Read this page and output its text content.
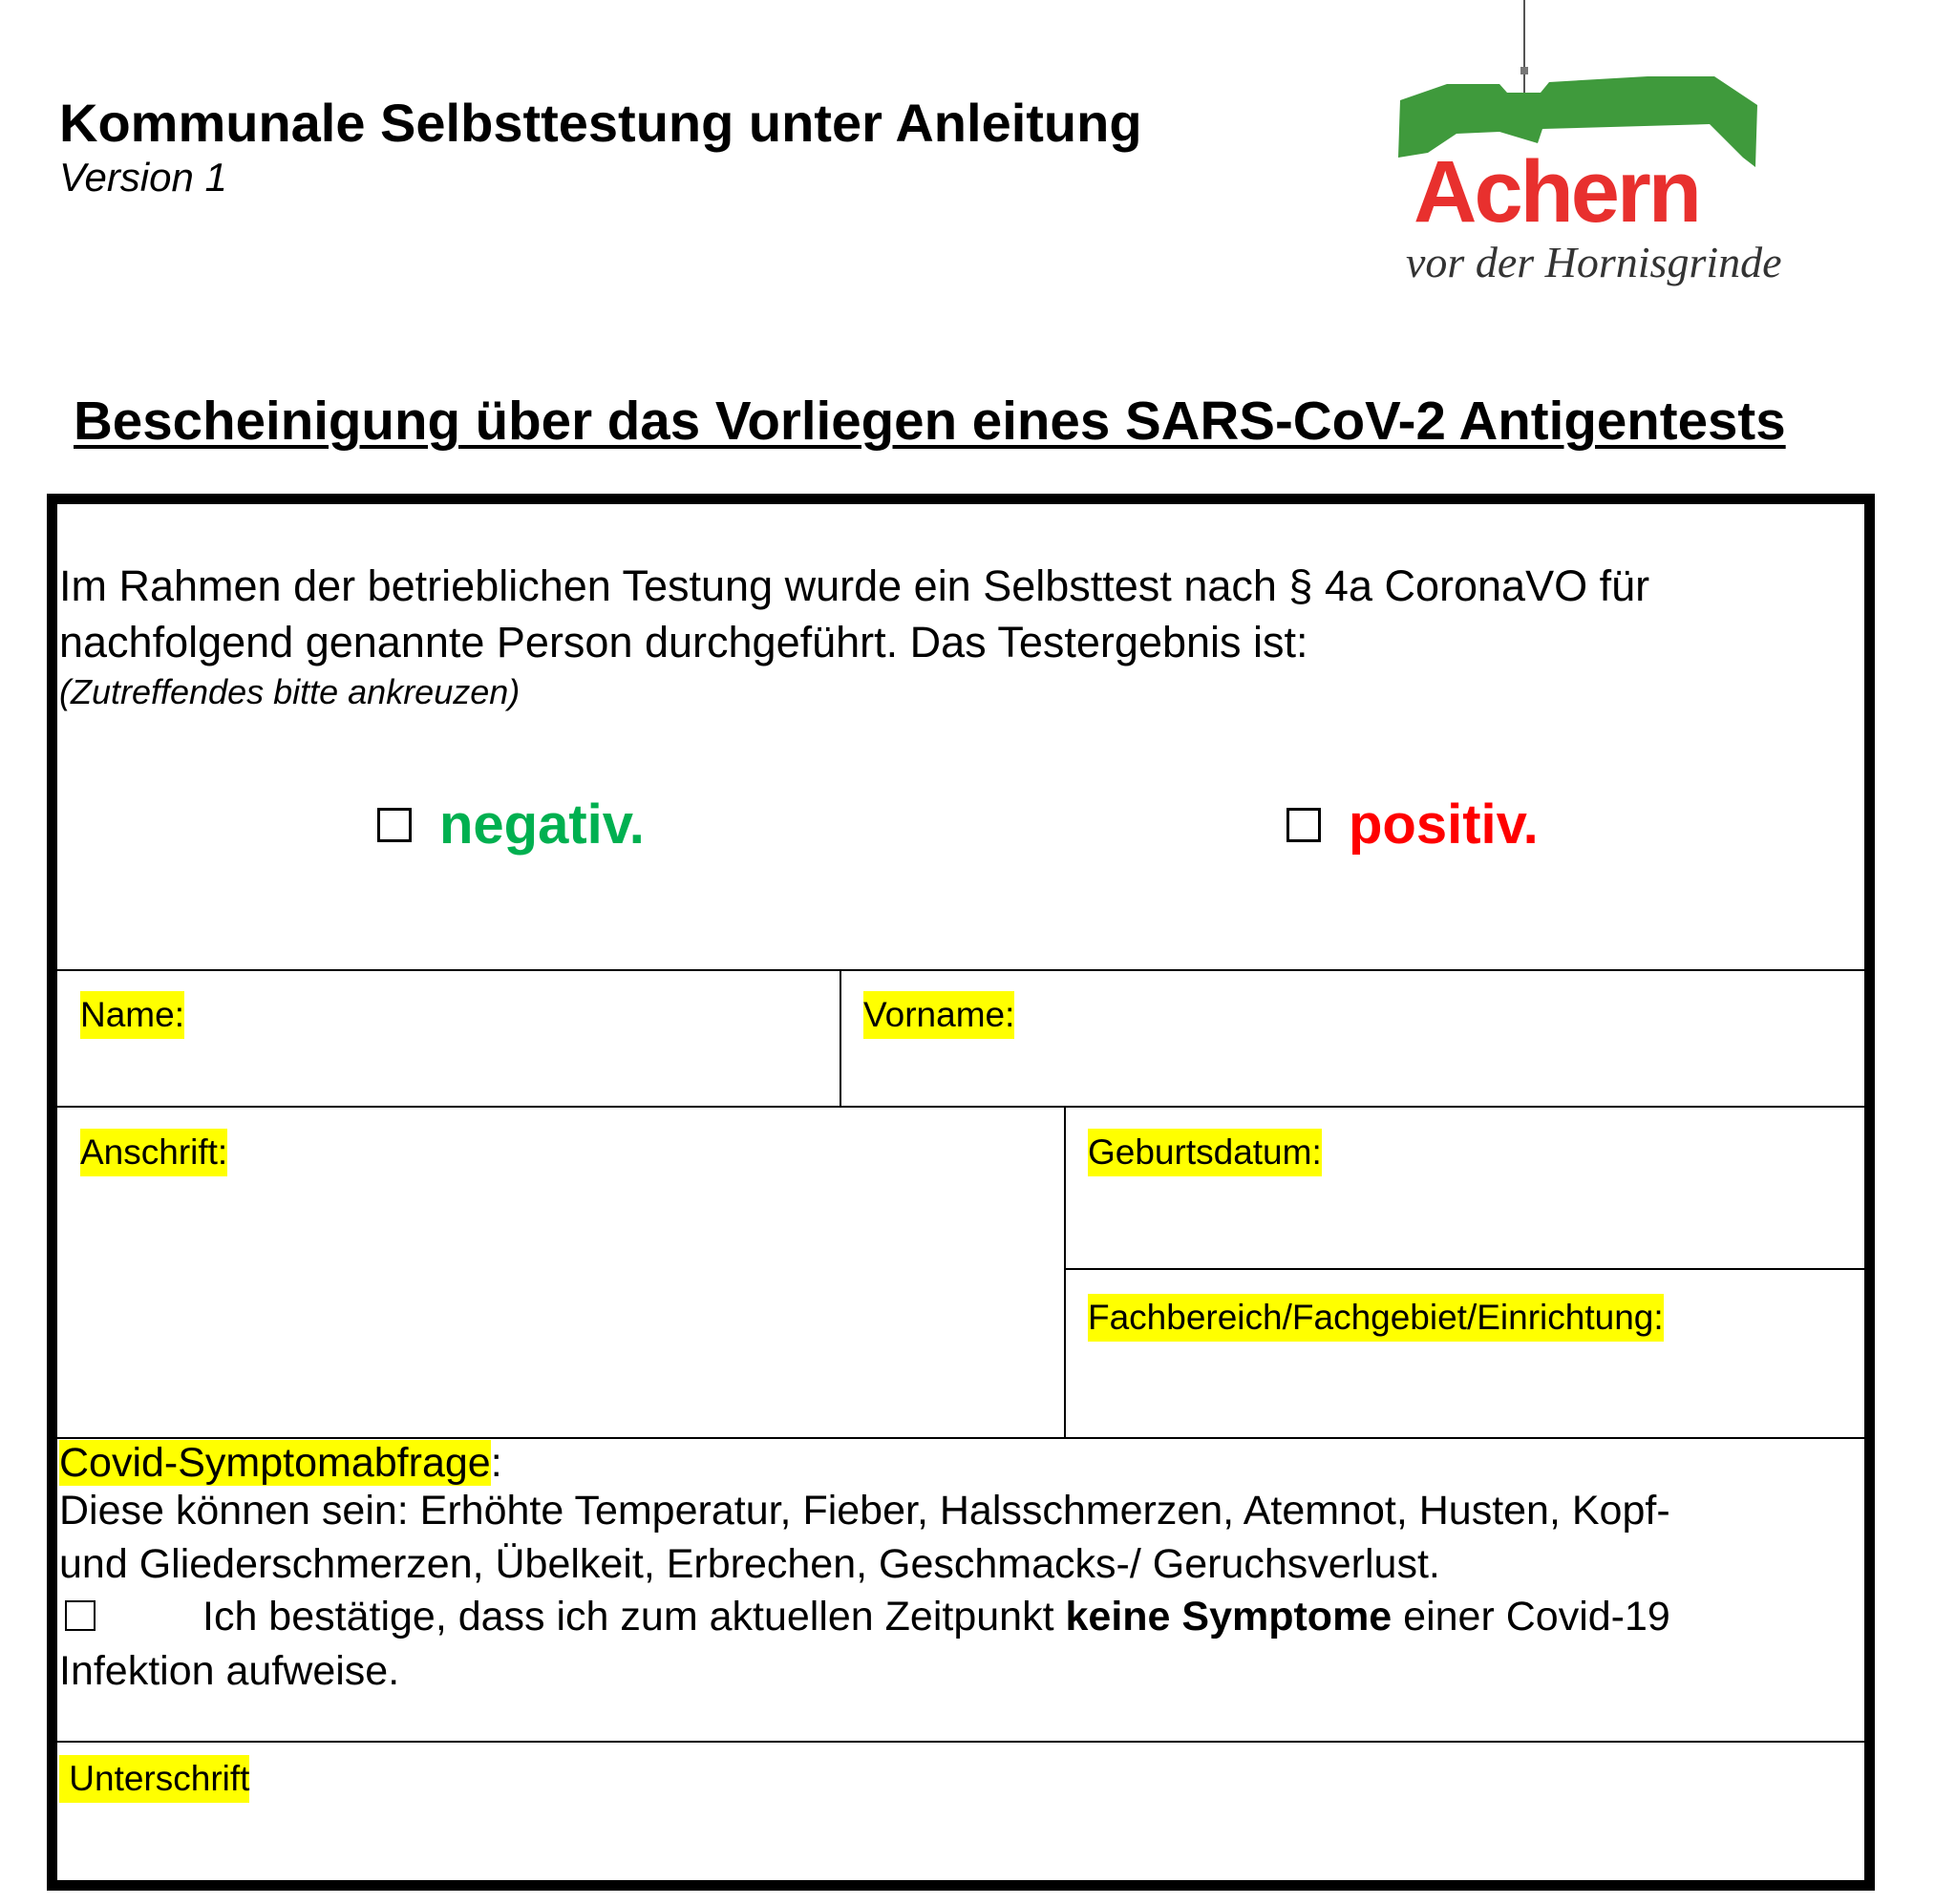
Kommunale Selbsttestung unter Anleitung
Version 1	Achern
vor der Hornisgrinde
Bescheinigung über das Vorliegen eines SARS-CoV-2 Antigentests
Im Rahmen der betrieblichen Testung wurde ein Selbsttest nach § 4a CoronaVO für
nachfolgend genannte Person durchgeführt. Das Testergebnis ist:
(Zutreffendes bitte ankreuzen)
negativ.	positiv.
Name:	Vorname:
Anschrift:	Geburtsdatum:
Fachbereich/Fachgebiet/Einrichtung:
Covid-Symptomabfrage:
Diese können sein: Erhöhte Temperatur, Fieber, Halsschmerzen, Atemnot, Husten, Kopf-
und Gliederschmerzen, Übelkeit, Erbrechen, Geschmacks-/ Geruchsverlust.
Ich bestätige, dass ich zum aktuellen Zeitpunkt keine Symptome einer Covid-19
Infektion aufweise.
Unterschrift
